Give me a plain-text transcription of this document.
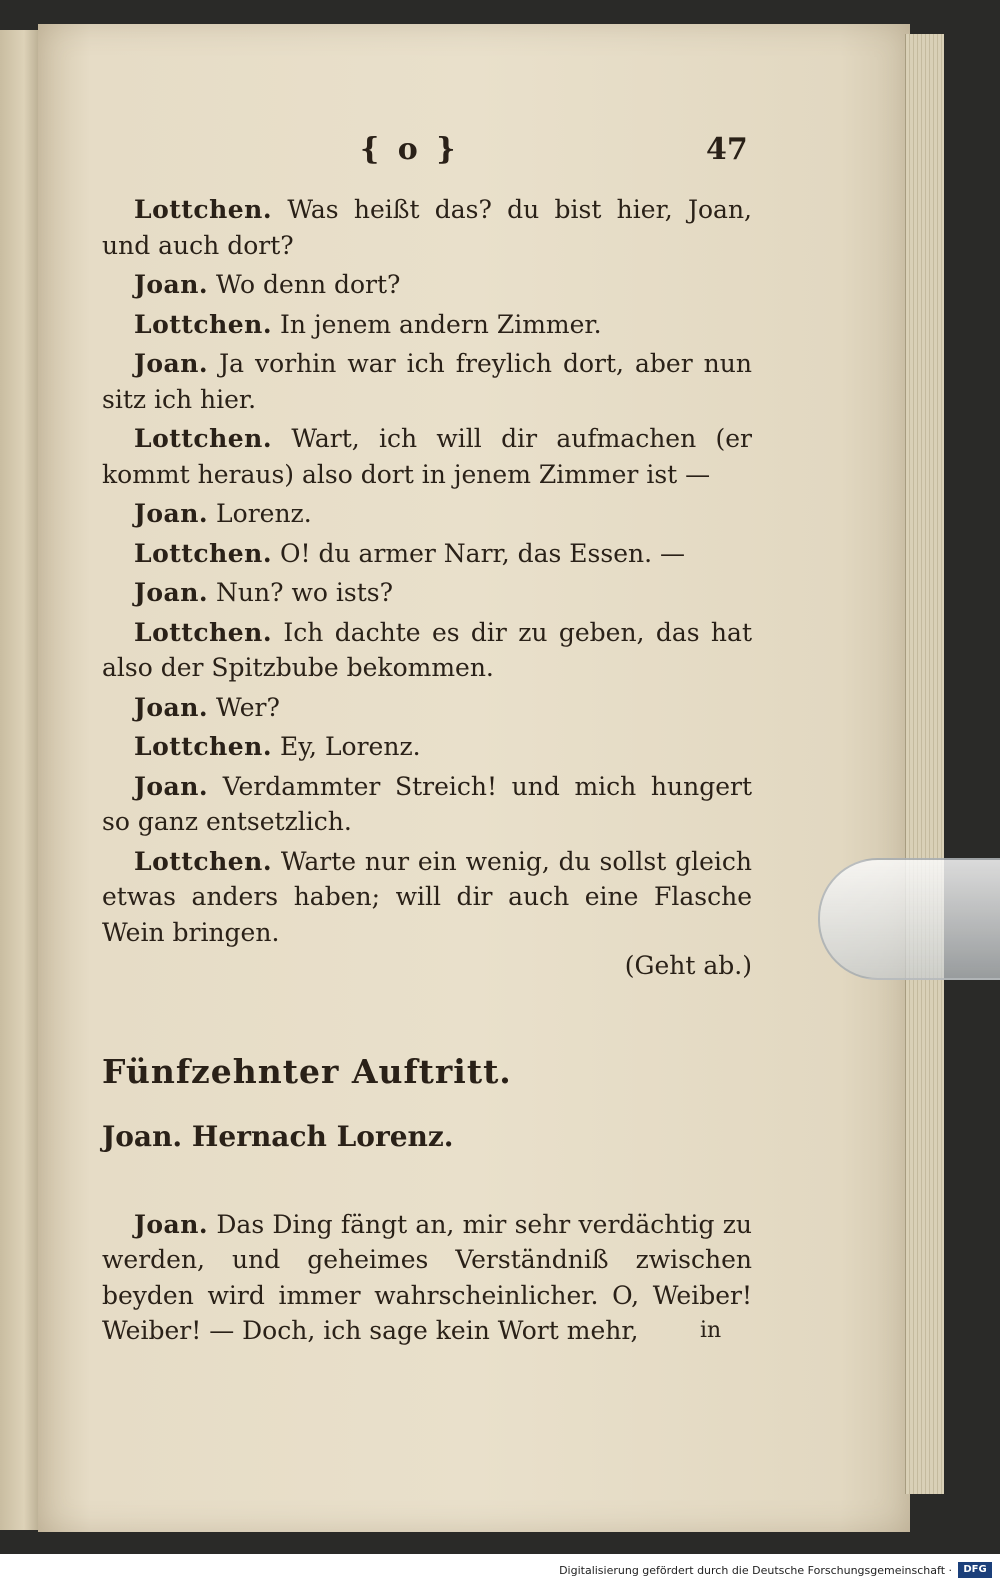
{ o }	47

Lottchen. Was heißt das? du bist hier, Joan, und auch dort?

Joan. Wo denn dort?

Lottchen. In jenem andern Zimmer.

Joan. Ja vorhin war ich freylich dort, aber nun sitz ich hier.

Lottchen. Wart, ich will dir aufmachen (er kommt heraus) also dort in jenem Zimmer ist —

Joan. Lorenz.

Lottchen. O! du armer Narr, das Essen. —

Joan. Nun? wo ists?

Lottchen. Ich dachte es dir zu geben, das hat also der Spitzbube bekommen.

Joan. Wer?

Lottchen. Ey, Lorenz.

Joan. Verdammter Streich! und mich hungert so ganz entsetzlich.

Lottchen. Warte nur ein wenig, du sollst gleich etwas anders haben; will dir auch eine Flasche Wein bringen.

(Geht ab.)

Fünfzehnter Auftritt.

Joan. Hernach Lorenz.

Joan. Das Ding fängt an, mir sehr verdächtig zu werden, und geheimes Verständniß zwischen beyden wird immer wahrscheinlicher. O, Weiber! Weiber! — Doch, ich sage kein Wort mehr,	in
Digitalisierung gefördert durch die Deutsche Forschungsgemeinschaft ·	DFG
